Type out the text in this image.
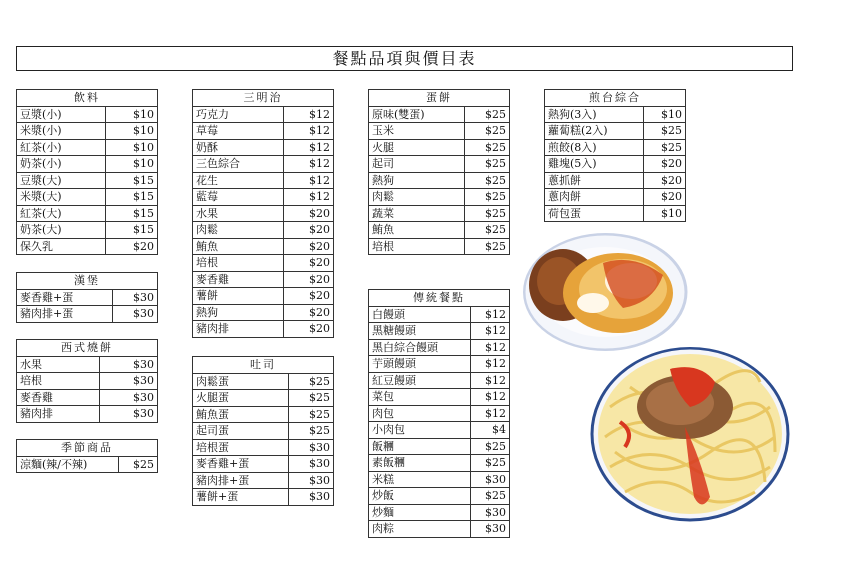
餐點品項與價目表
飲料	
豆漿(小)	$10
米漿(小)	$10
紅茶(小)	$10
奶茶(小)	$10
豆漿(大)	$15
米漿(大)	$15
紅茶(大)	$15
奶茶(大)	$15
保久乳	$20
漢堡	
麥香雞+蛋	$30
豬肉排+蛋	$30
西式燒餅	
水果	$30
培根	$30
麥香雞	$30
豬肉排	$30
季節商品
涼麵(辣/不辣)	$25
三明治	
巧克力	$12
草莓	$12
奶酥	$12
三色綜合	$12
花生	$12
藍莓	$12
水果	$20
肉鬆	$20
鮪魚	$20
培根	$20
麥香雞	$20
薯餅	$20
熱狗	$20
豬肉排	$20
吐司	
肉鬆蛋	$25
火腿蛋	$25
鮪魚蛋	$25
起司蛋	$25
培根蛋	$30
麥香雞+蛋	$30
豬肉排+蛋	$30
薯餅+蛋	$30
蛋餅	
原味(雙蛋)	$25
玉米	$25
火腿	$25
起司	$25
熱狗	$25
肉鬆	$25
蔬菜	$25
鮪魚	$25
培根	$25
傳統餐點	
白饅頭	$12
黑糖饅頭	$12
黑白綜合饅頭	$12
芋頭饅頭	$12
紅豆饅頭	$12
菜包	$12
肉包	$12
小肉包	$4
飯糰	$25
素飯糰	$25
米糕	$30
炒飯	$25
炒麵	$30
肉粽	$30
煎台綜合	
熱狗(3入)	$10
蘿蔔糕(2入)	$25
煎餃(8入)	$25
雞塊(5入)	$20
蔥抓餅	$20
蔥肉餅	$20
荷包蛋	$10
